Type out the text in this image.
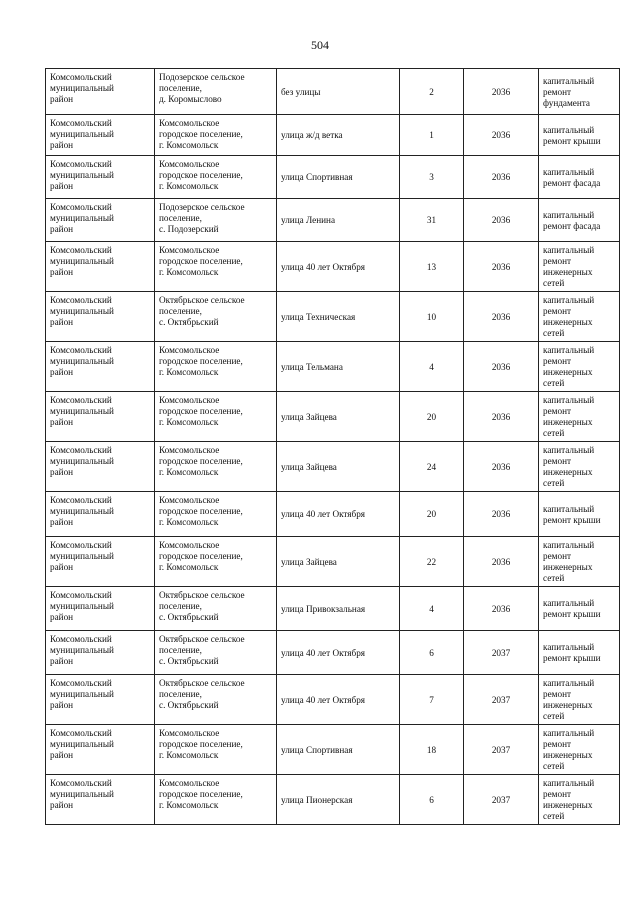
504
Комсомольский
муниципальный
район	Подозерское сельское
поселение,
д. Коромыслово	без улицы	2	2036	капитальный
ремонт
фундамента

Комсомольский
муниципальный
район	Комсомольское
городское поселение,
г. Комсомольск	улица ж/д ветка	1	2036	капитальный
ремонт крыши

Комсомольский
муниципальный
район	Комсомольское
городское поселение,
г. Комсомольск	улица Спортивная	3	2036	капитальный
ремонт фасада

Комсомольский
муниципальный
район	Подозерское сельское
поселение,
с. Подозерский	улица Ленина	31	2036	капитальный
ремонт фасада

Комсомольский
муниципальный
район	Комсомольское
городское поселение,
г. Комсомольск	улица 40 лет Октября	13	2036	капитальный
ремонт
инженерных
сетей

Комсомольский
муниципальный
район	Октябрьское сельское
поселение,
с. Октябрьский	улица Техническая	10	2036	капитальный
ремонт
инженерных
сетей

Комсомольский
муниципальный
район	Комсомольское
городское поселение,
г. Комсомольск	улица Тельмана	4	2036	капитальный
ремонт
инженерных
сетей

Комсомольский
муниципальный
район	Комсомольское
городское поселение,
г. Комсомольск	улица Зайцева	20	2036	капитальный
ремонт
инженерных
сетей

Комсомольский
муниципальный
район	Комсомольское
городское поселение,
г. Комсомольск	улица Зайцева	24	2036	капитальный
ремонт
инженерных
сетей

Комсомольский
муниципальный
район	Комсомольское
городское поселение,
г. Комсомольск	улица 40 лет Октября	20	2036	капитальный
ремонт крыши

Комсомольский
муниципальный
район	Комсомольское
городское поселение,
г. Комсомольск	улица Зайцева	22	2036	капитальный
ремонт
инженерных
сетей

Комсомольский
муниципальный
район	Октябрьское сельское
поселение,
с. Октябрьский	улица Привокзальная	4	2036	капитальный
ремонт крыши

Комсомольский
муниципальный
район	Октябрьское сельское
поселение,
с. Октябрьский	улица 40 лет Октября	6	2037	капитальный
ремонт крыши

Комсомольский
муниципальный
район	Октябрьское сельское
поселение,
с. Октябрьский	улица 40 лет Октября	7	2037	капитальный
ремонт
инженерных
сетей

Комсомольский
муниципальный
район	Комсомольское
городское поселение,
г. Комсомольск	улица Спортивная	18	2037	капитальный
ремонт
инженерных
сетей

Комсомольский
муниципальный
район	Комсомольское
городское поселение,
г. Комсомольск	улица Пионерская	6	2037	капитальный
ремонт
инженерных
сетей
